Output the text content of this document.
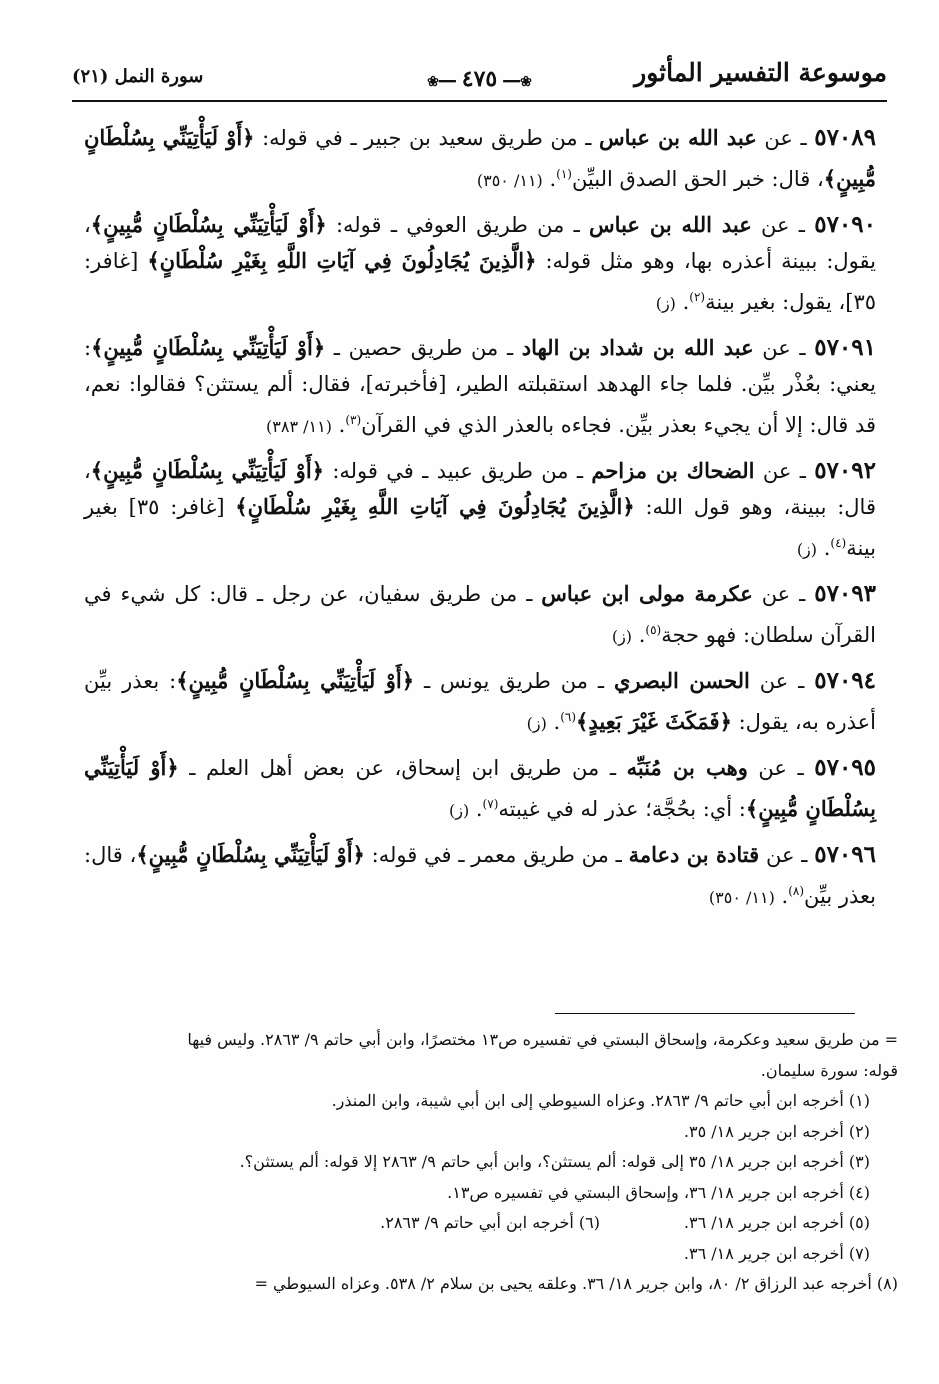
موسوعة التفسير المأثور
❀━━٤٧٥━━❀
سورة النمل (٢١)

٥٧٠٨٩ ـ عن عبد الله بن عباس ـ من طريق سعيد بن جبير ـ في قوله: ﴿أَوْ لَيَأْتِيَنِّي بِسُلْطَانٍ مُّبِينٍ﴾، قال: خبر الحق الصدق البيِّن$^{(١)}$. (١١/ ٣٥٠)

٥٧٠٩٠ ـ عن عبد الله بن عباس ـ من طريق العوفي ـ قوله: ﴿أَوْ لَيَأْتِيَنِّي بِسُلْطَانٍ مُّبِينٍ﴾، يقول: ببينة أعذره بها، وهو مثل قوله: ﴿الَّذِينَ يُجَادِلُونَ فِي آيَاتِ اللَّهِ بِغَيْرِ سُلْطَانٍ﴾ [غافر: ٣٥]، يقول: بغير بينة$^{(٢)}$. (ز)

٥٧٠٩١ ـ عن عبد الله بن شداد بن الهاد ـ من طريق حصين ـ ﴿أَوْ لَيَأْتِيَنِّي بِسُلْطَانٍ مُّبِينٍ﴾: يعني: بعُذْر بيِّن. فلما جاء الهدهد استقبلته الطير، [فأخبرته]، فقال: ألم يستثن؟ فقالوا: نعم، قد قال: إلا أن يجيء بعذر بيِّن. فجاءه بالعذر الذي في القرآن$^{(٣)}$. (١١/ ٣٨٣)

٥٧٠٩٢ ـ عن الضحاك بن مزاحم ـ من طريق عبيد ـ في قوله: ﴿أَوْ لَيَأْتِيَنِّي بِسُلْطَانٍ مُّبِينٍ﴾، قال: ببينة، وهو قول الله: ﴿الَّذِينَ يُجَادِلُونَ فِي آيَاتِ اللَّهِ بِغَيْرِ سُلْطَانٍ﴾ [غافر: ٣٥] بغير بينة$^{(٤)}$. (ز)

٥٧٠٩٣ ـ عن عكرمة مولى ابن عباس ـ من طريق سفيان، عن رجل ـ قال: كل شيء في القرآن سلطان: فهو حجة$^{(٥)}$. (ز)

٥٧٠٩٤ ـ عن الحسن البصري ـ من طريق يونس ـ ﴿أَوْ لَيَأْتِيَنِّي بِسُلْطَانٍ مُّبِينٍ﴾: بعذر بيِّن أعذره به، يقول: ﴿فَمَكَثَ غَيْرَ بَعِيدٍ﴾$^{(٦)}$. (ز)

٥٧٠٩٥ ـ عن وهب بن مُنَبِّه ـ من طريق ابن إسحاق، عن بعض أهل العلم ـ ﴿أَوْ لَيَأْتِيَنِّي بِسُلْطَانٍ مُّبِينٍ﴾: أي: بحُجَّة؛ عذر له في غيبته$^{(٧)}$. (ز)

٥٧٠٩٦ ـ عن قتادة بن دعامة ـ من طريق معمر ـ في قوله: ﴿أَوْ لَيَأْتِيَنِّي بِسُلْطَانٍ مُّبِينٍ﴾، قال: بعذر بيِّن$^{(٨)}$. (١١/ ٣٥٠)

= من طريق سعيد وعكرمة، وإسحاق البستي في تفسيره ص١٣ مختصرًا، وابن أبي حاتم ٩/ ٢٨٦٣. وليس فيها
قوله: سورة سليمان.
(١) أخرجه ابن أبي حاتم ٩/ ٢٨٦٣. وعزاه السيوطي إلى ابن أبي شيبة، وابن المنذر.
(٢) أخرجه ابن جرير ١٨/ ٣٥.
(٣) أخرجه ابن جرير ١٨/ ٣٥ إلى قوله: ألم يستثن؟، وابن أبي حاتم ٩/ ٢٨٦٣ إلا قوله: ألم يستثن؟.
(٤) أخرجه ابن جرير ١٨/ ٣٦، وإسحاق البستي في تفسيره ص١٣.
(٥) أخرجه ابن جرير ١٨/ ٣٦.
(٦) أخرجه ابن أبي حاتم ٩/ ٢٨٦٣.
(٧) أخرجه ابن جرير ١٨/ ٣٦.
(٨) أخرجه عبد الرزاق ٢/ ٨٠، وابن جرير ١٨/ ٣٦. وعلقه يحيى بن سلام ٢/ ٥٣٨. وعزاه السيوطي =
